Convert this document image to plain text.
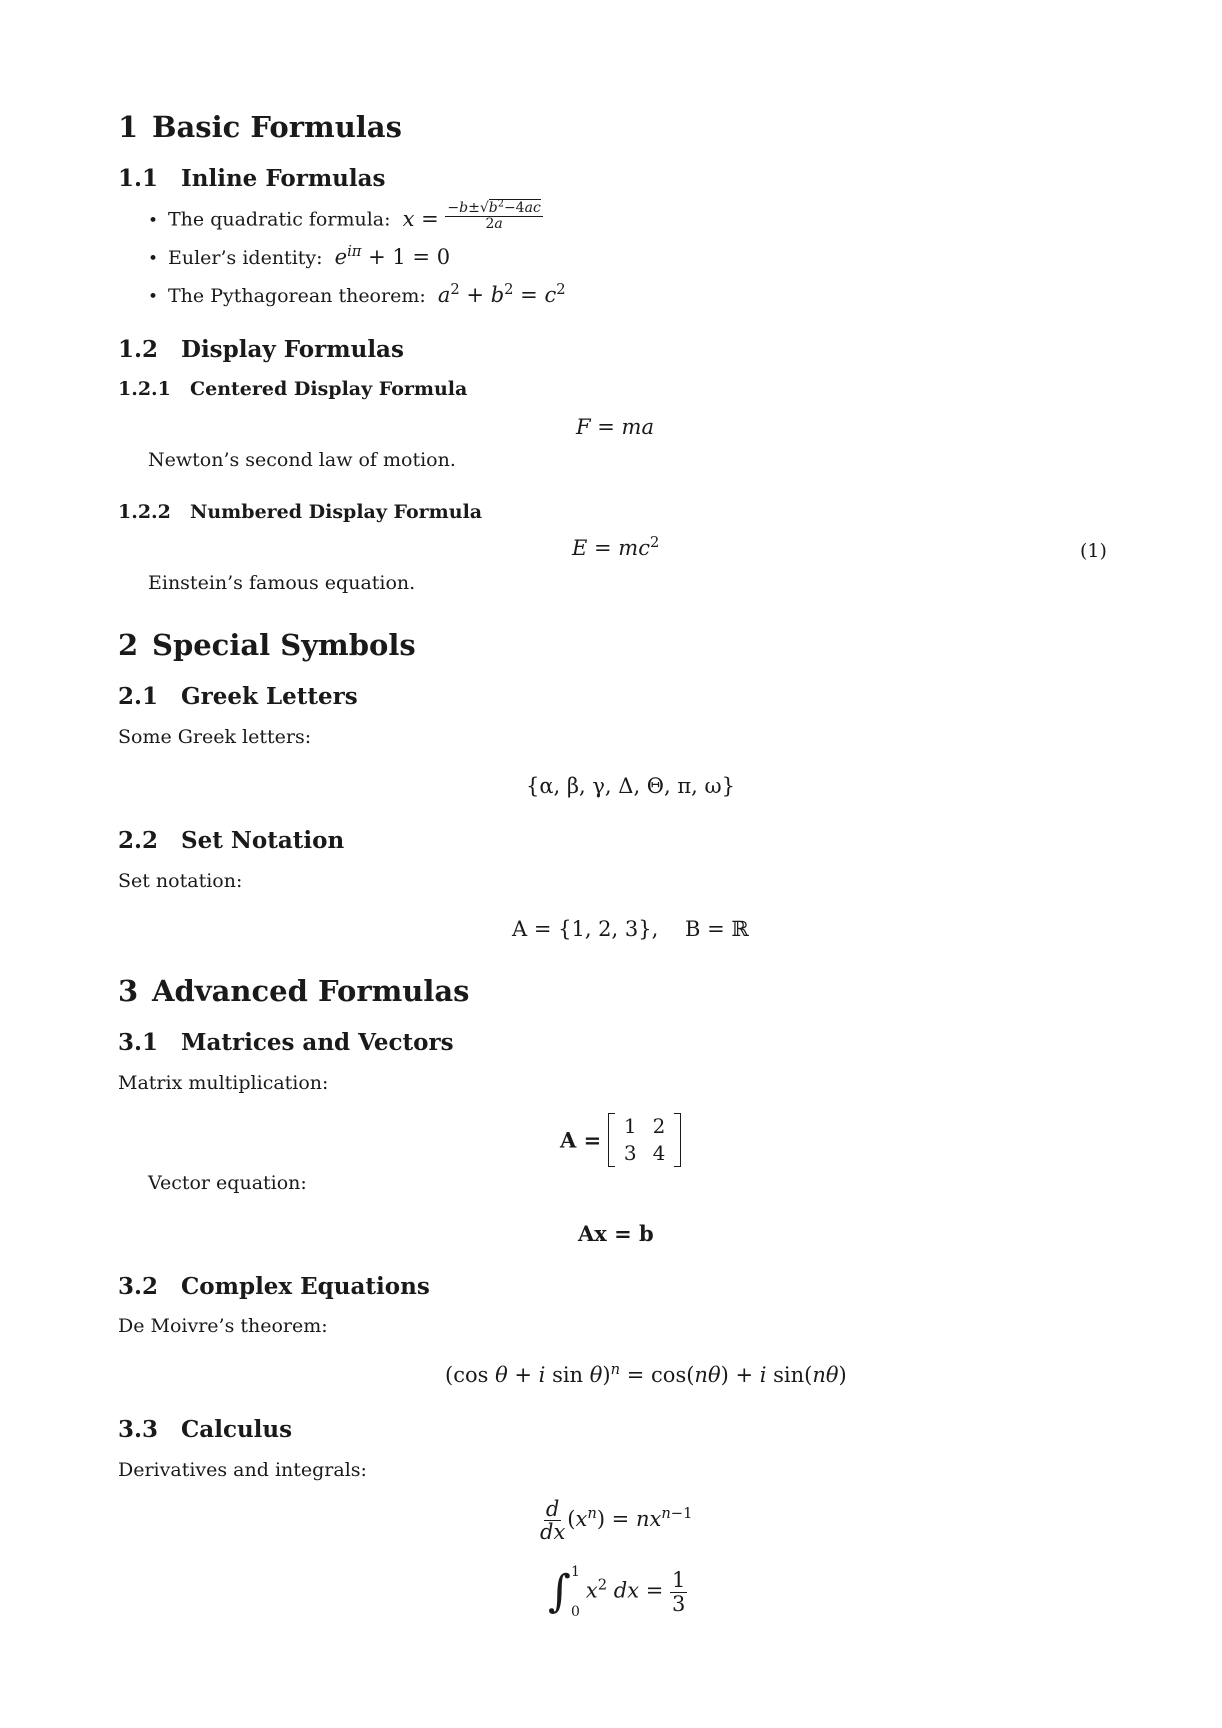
1 Basic Formulas
1.1 Inline Formulas
• The quadratic formula: $x = \frac{-b\pm√b^2-4ac}{2a}$
• Euler’s identity: $e^{i\pi} + 1 = 0$
• The Pythagorean theorem: $a^2 + b^2 = c^2$
1.2 Display Formulas
1.2.1 Centered Display Formula
F = ma
Newton’s second law of motion.
1.2.2 Numbered Display Formula
$E = mc^2$	(1)
Einstein’s famous equation.
2 Special Symbols
2.1 Greek Letters
Some Greek letters:
{α, β, γ, Δ, Θ, π, ω}
2.2 Set Notation
Set notation:
A = {1, 2, 3}, B = ℝ
3 Advanced Formulas
3.1 Matrices and Vectors
Matrix multiplication:
A =
1	2
3	4
Vector equation:
Ax = b
3.2 Complex Equations
De Moivre’s theorem:
(cos θ + i sin θ)$^n$ = cos(nθ) + i sin(nθ)
3.3 Calculus
Derivatives and integrals:
$\frac{d}{dx} (x^n) = nx^{n-1}$
∫ 1
0
$x^2$ dx = $\frac{1}{3}$
